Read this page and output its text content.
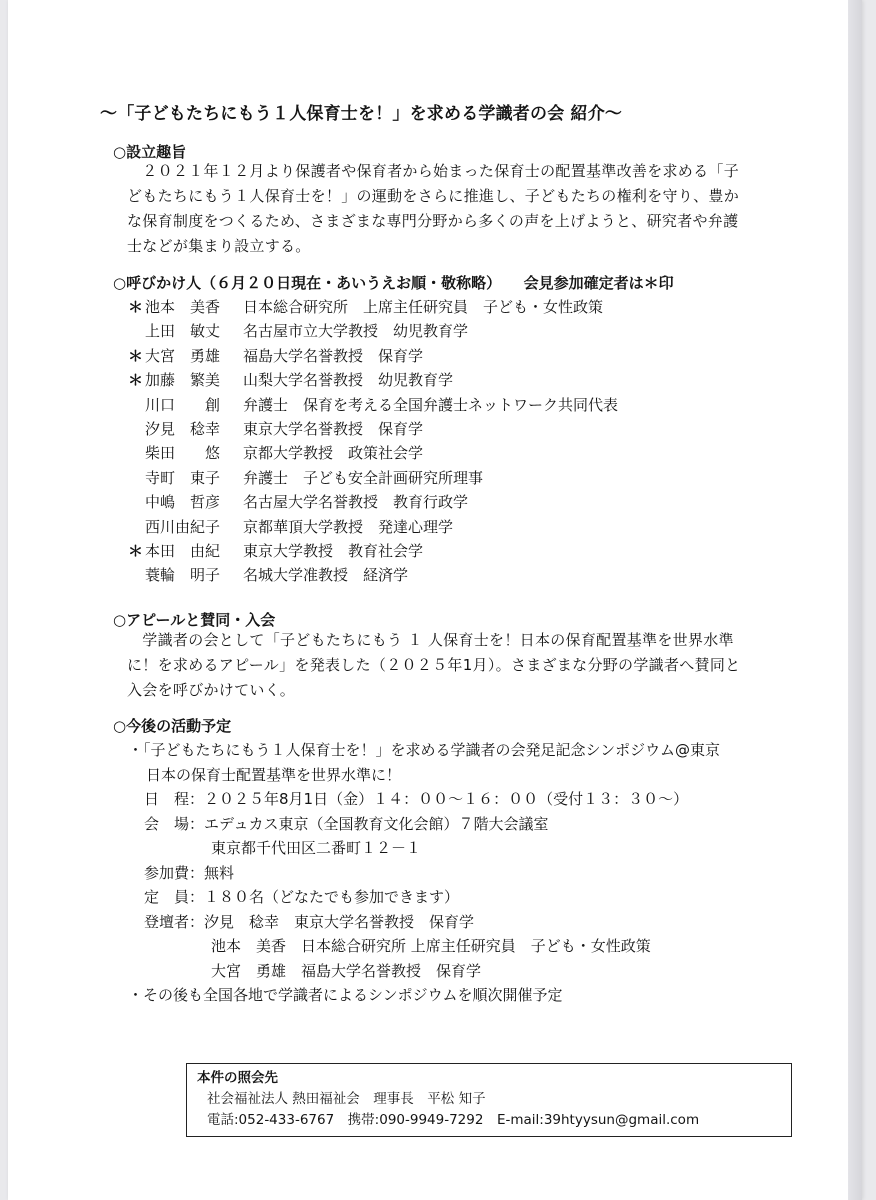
～「子どもたちにもう１人保育士を！」を求める学識者の会 紹介～
○設立趣旨

　２０２１年１２月より保護者や保育者から始まった保育士の配置基準改善を求める「子

どもたちにもう１人保育士を！」の運動をさらに推進し、子どもたちの権利を守り、豊か

な保育制度をつくるため、さまざまな専門分野から多くの声を上げようと、研究者や弁護

士などが集まり設立する。

○呼びかけ人（６月２０日現在・あいうえお順・敬称略）　　会見参加確定者は＊印
＊ 池本　美香	日本総合研究所　上席主任研究員　子ども・女性政策
上田　敏丈	名古屋市立大学教授　幼児教育学
＊ 大宮　勇雄	福島大学名誉教授　保育学
＊ 加藤　繁美	山梨大学名誉教授　幼児教育学
川口　　創	弁護士　保育を考える全国弁護士ネットワーク共同代表
汐見　稔幸	東京大学名誉教授　保育学
柴田　　悠	京都大学教授　政策社会学
寺町　東子	弁護士　子ども安全計画研究所理事
中嶋　哲彦	名古屋大学名誉教授　教育行政学
西川由紀子	京都華頂大学教授　発達心理学
＊ 本田　由紀	東京大学教授　教育社会学
蓑輪　明子	名城大学准教授　経済学
○アピールと賛同・入会

　学識者の会として「子どもたちにもう １ 人保育士を！日本の保育配置基準を世界水準

に！を求めるアピール」を発表した（２０２５年1月）。さまざまな分野の学識者へ賛同と

入会を呼びかけていく。

○今後の活動予定
・「子どもたちにもう１人保育士を！」を求める学識者の会発足記念シンポジウム@東京
日本の保育士配置基準を世界水準に！
日　程：２０２５年8月1日（金）１４：００～１６：００（受付１３：３０～）
会　場：エデュカス東京（全国教育文化会館）７階大会議室
東京都千代田区二番町１２－１
参加費：無料
定　員：１８０名（どなたでも参加できます）
登壇者：汐見　稔幸　東京大学名誉教授　保育学
池本　美香　日本総合研究所 上席主任研究員　子ども・女性政策
大宮　勇雄　福島大学名誉教授　保育学
・その後も全国各地で学識者によるシンポジウムを順次開催予定
本件の照会先
社会福祉法人 熱田福祉会　理事長　平松 知子
電話:052-433-6767　携帯:090-9949-7292　E-mail:39htyysun@gmail.com
